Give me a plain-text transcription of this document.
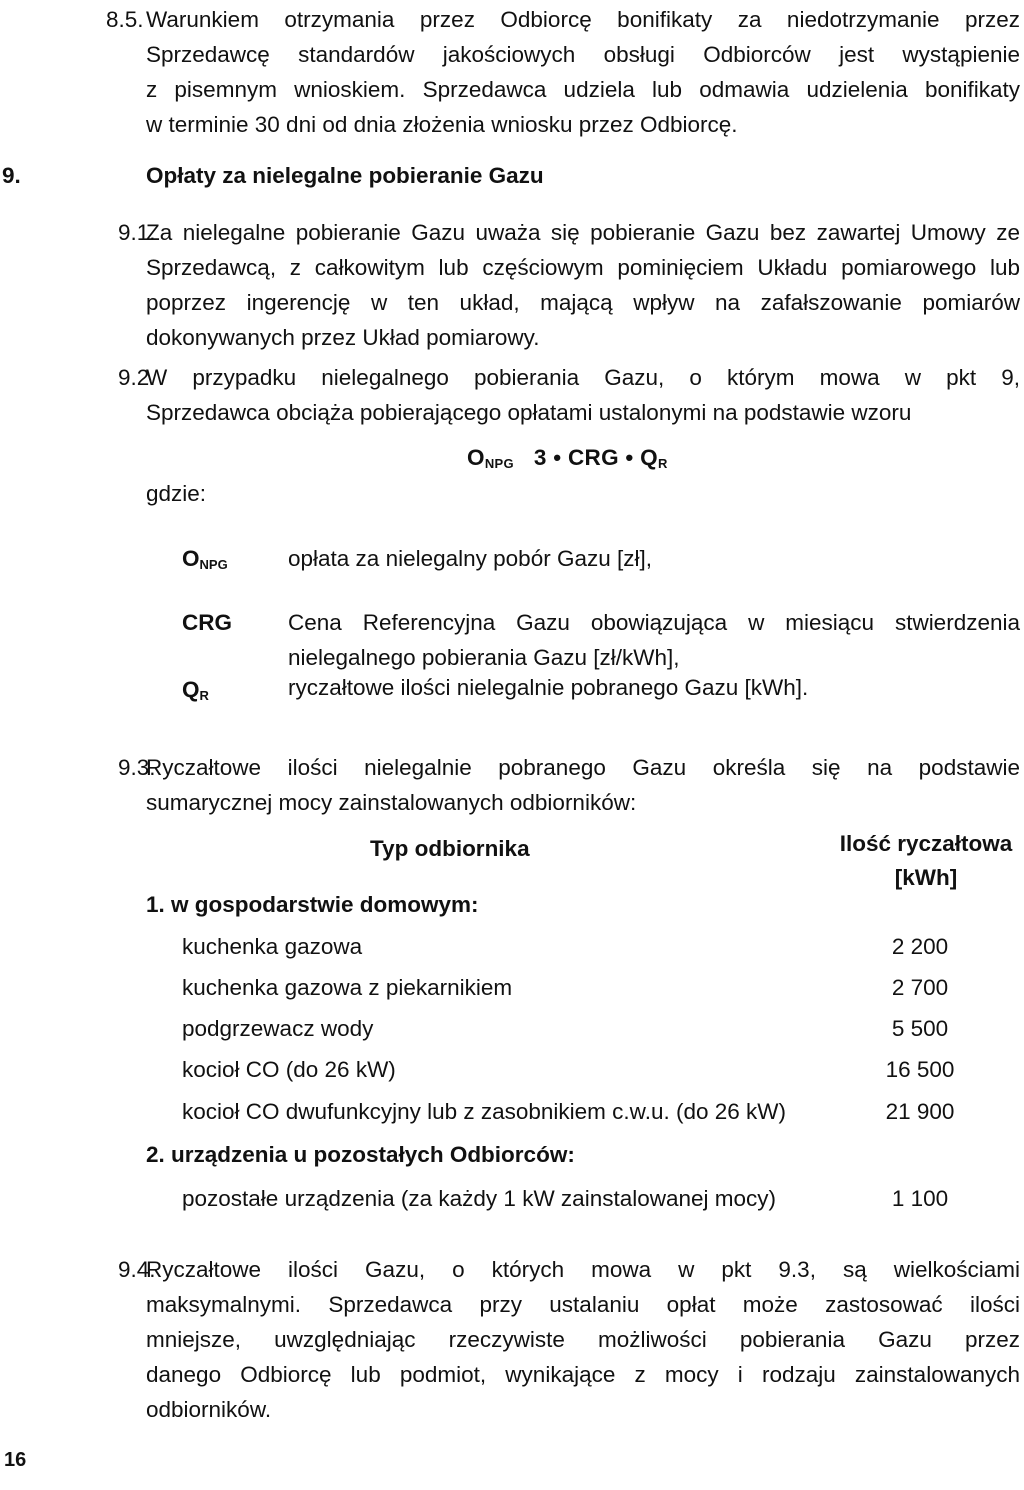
8.5. Warunkiem otrzymania przez Odbiorcę bonifikaty za niedotrzymanie przez
Sprzedawcę standardów jakościowych obsługi Odbiorców jest wystąpienie
z pisemnym wnioskiem. Sprzedawca udziela lub odmawia udzielenia bonifikaty
w terminie 30 dni od dnia złożenia wniosku przez Odbiorcę.
9.	Opłaty za nielegalne pobieranie Gazu
9.1.
Za nielegalne pobieranie Gazu uważa się pobieranie Gazu bez zawartej Umowy ze
Sprzedawcą, z całkowitym lub częściowym pominięciem Układu pomiarowego lub
poprzez ingerencję w ten układ, mającą wpływ na zafałszowanie pomiarów
dokonywanych przez Układ pomiarowy.
9.2.
W przypadku nielegalnego pobierania Gazu, o którym mowa w pkt 9,
Sprzedawca obciąża pobierającego opłatami ustalonymi na podstawie wzoru
$O_{NPG}$ 3 • CRG • $Q_R$
gdzie:
$O_{NPG}$	opłata za nielegalny pobór Gazu [zł],
CRG	Cena Referencyjna Gazu obowiązująca w miesiącu stwierdzenia
nielegalnego pobierania Gazu [zł/kWh],
$Q_R$	ryczałtowe ilości nielegalnie pobranego Gazu [kWh].
9.3.
Ryczałtowe ilości nielegalnie pobranego Gazu określa się na podstawie
sumarycznej mocy zainstalowanych odbiorników:
Typ odbiornika	Ilość ryczałtowa
[kWh]
1. w gospodarstwie domowym:
kuchenka gazowa	2 200
kuchenka gazowa z piekarnikiem	2 700
podgrzewacz wody	5 500
kocioł CO (do 26 kW)	16 500
kocioł CO dwufunkcyjny lub z zasobnikiem c.w.u. (do 26 kW)	21 900
2. urządzenia u pozostałych Odbiorców:
pozostałe urządzenia (za każdy 1 kW zainstalowanej mocy)	1 100
9.4.
Ryczałtowe ilości Gazu, o których mowa w pkt 9.3, są wielkościami
maksymalnymi. Sprzedawca przy ustalaniu opłat może zastosować ilości
mniejsze, uwzględniając rzeczywiste możliwości pobierania Gazu przez
danego Odbiorcę lub podmiot, wynikające z mocy i rodzaju zainstalowanych
odbiorników.
16
